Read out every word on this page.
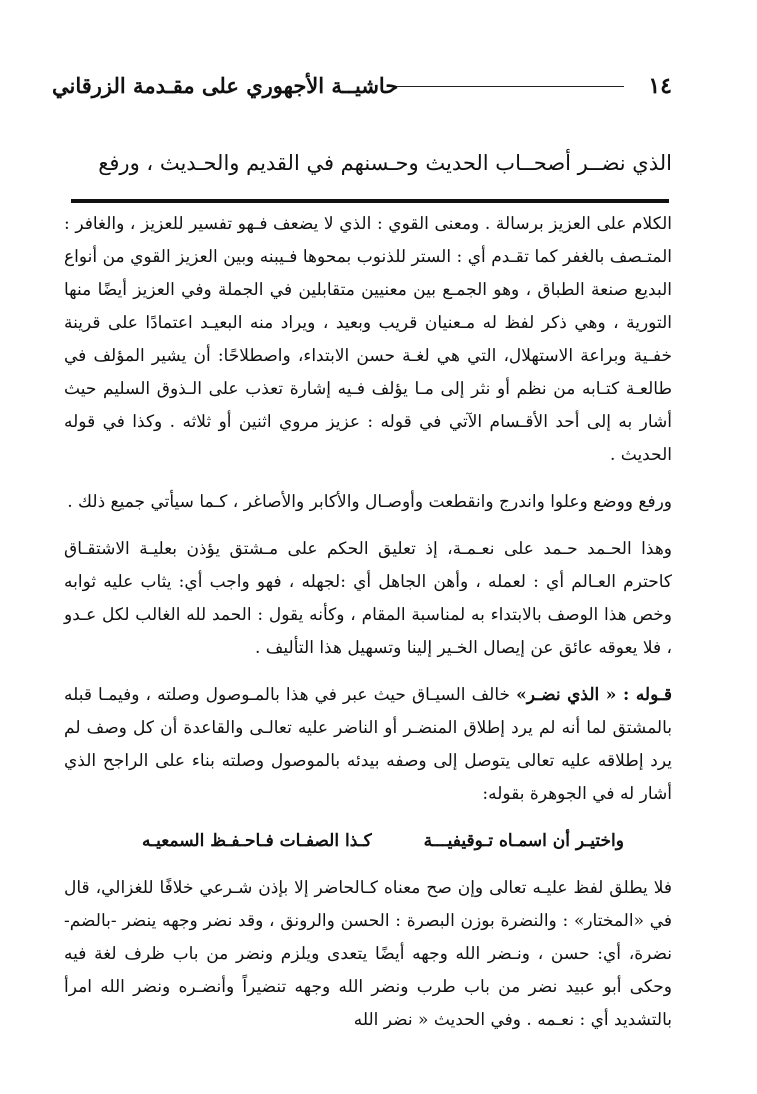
١٤
حاشيــة الأجهوري على مقـدمة الزرقاني
الذي نضــر أصحــاب الحديث وحـسنهم في القديم والحـديث ، ورفع

الكلام على العزيز برسالة . ومعنى القوي : الذي لا يضعف فـهو تفسير للعزيز ، والغافر : المتـصف بالغفر كما تقـدم أي : الستر للذنوب بمحوها فـيبنه وبين العزيز القوي من أنواع البديع صنعة الطباق ، وهو الجمـع بين معنيين متقابلين في الجملة وفي العزيز أيضًا منها التورية ، وهي ذكر لفظ له مـعنيان قريب وبعيد ، ويراد منه البعيـد اعتمادًا على قرينة خفـية وبراعة الاستهلال، التي هي لغـة حسن الابتداء، واصطلاحًا: أن يشير المؤلف في طالعـة كتـابه من نظم أو نثر إلى مـا يؤلف فـيه إشارة تعذب على الـذوق السليم حيث أشار به إلى أحد الأقـسام الآتي في قوله : عزيز مروي اثنين أو ثلاثه . وكذا في قوله الحديث .

ورفع ووضع وعلوا واندرج وانقطعت وأوصـال والأكابر والأصاغر ، كـما سيأتي جميع ذلك .

وهذا الحـمد حـمد على نعـمـة، إذ تعليق الحكم على مـشتق يؤذن بعليـة الاشتقـاق كاحترم العـالم أي : لعمله ، وأهن الجاهل أي :لجهله ، فهو واجب أي: يثاب عليه ثوابه وخص هذا الوصف بالابتداء به لمناسبة المقام ، وكأنه يقول : الحمد لله الغالب لكل عـدو ، فلا يعوقه عائق عن إيصال الخـير إلينا وتسهيل هذا التأليف .

قـوله : « الذي نضـر» خالف السيـاق حيث عبر في هذا بالمـوصول وصلته ، وفيمـا قبله بالمشتق لما أنه لم يرد إطلاق المنضـر أو الناضر عليه تعالـى والقاعدة أن كل وصف لم يرد إطلاقه عليه تعالى يتوصل إلى وصفه بيدئه بالموصول وصلته بناء على الراجح الذي أشار له في الجوهرة بقوله:

واختيـر أن اسمـاه تـوقيفيـــة
كـذا الصفـات فـاحـفـظ السمعيـه

فلا يطلق لفظ عليـه تعالى وإن صح معناه كـالحاضر إلا بإذن شـرعي خلافًا للغزالي، قال في «المختار» : والنضرة بوزن البصرة : الحسن والرونق ، وقد نضر وجهه ينضر -بالضم- نضرة، أي: حسن ، ونـضر الله وجهه أيضًا يتعدى ويلزم ونضر من باب ظرف لغة فيه وحكى أبو عبيد نضر من باب طرب ونضر الله وجهه تنضيراً وأنضـره ونضر الله امرأ بالتشديد أي : نعـمه . وفي الحديث « نضر الله
